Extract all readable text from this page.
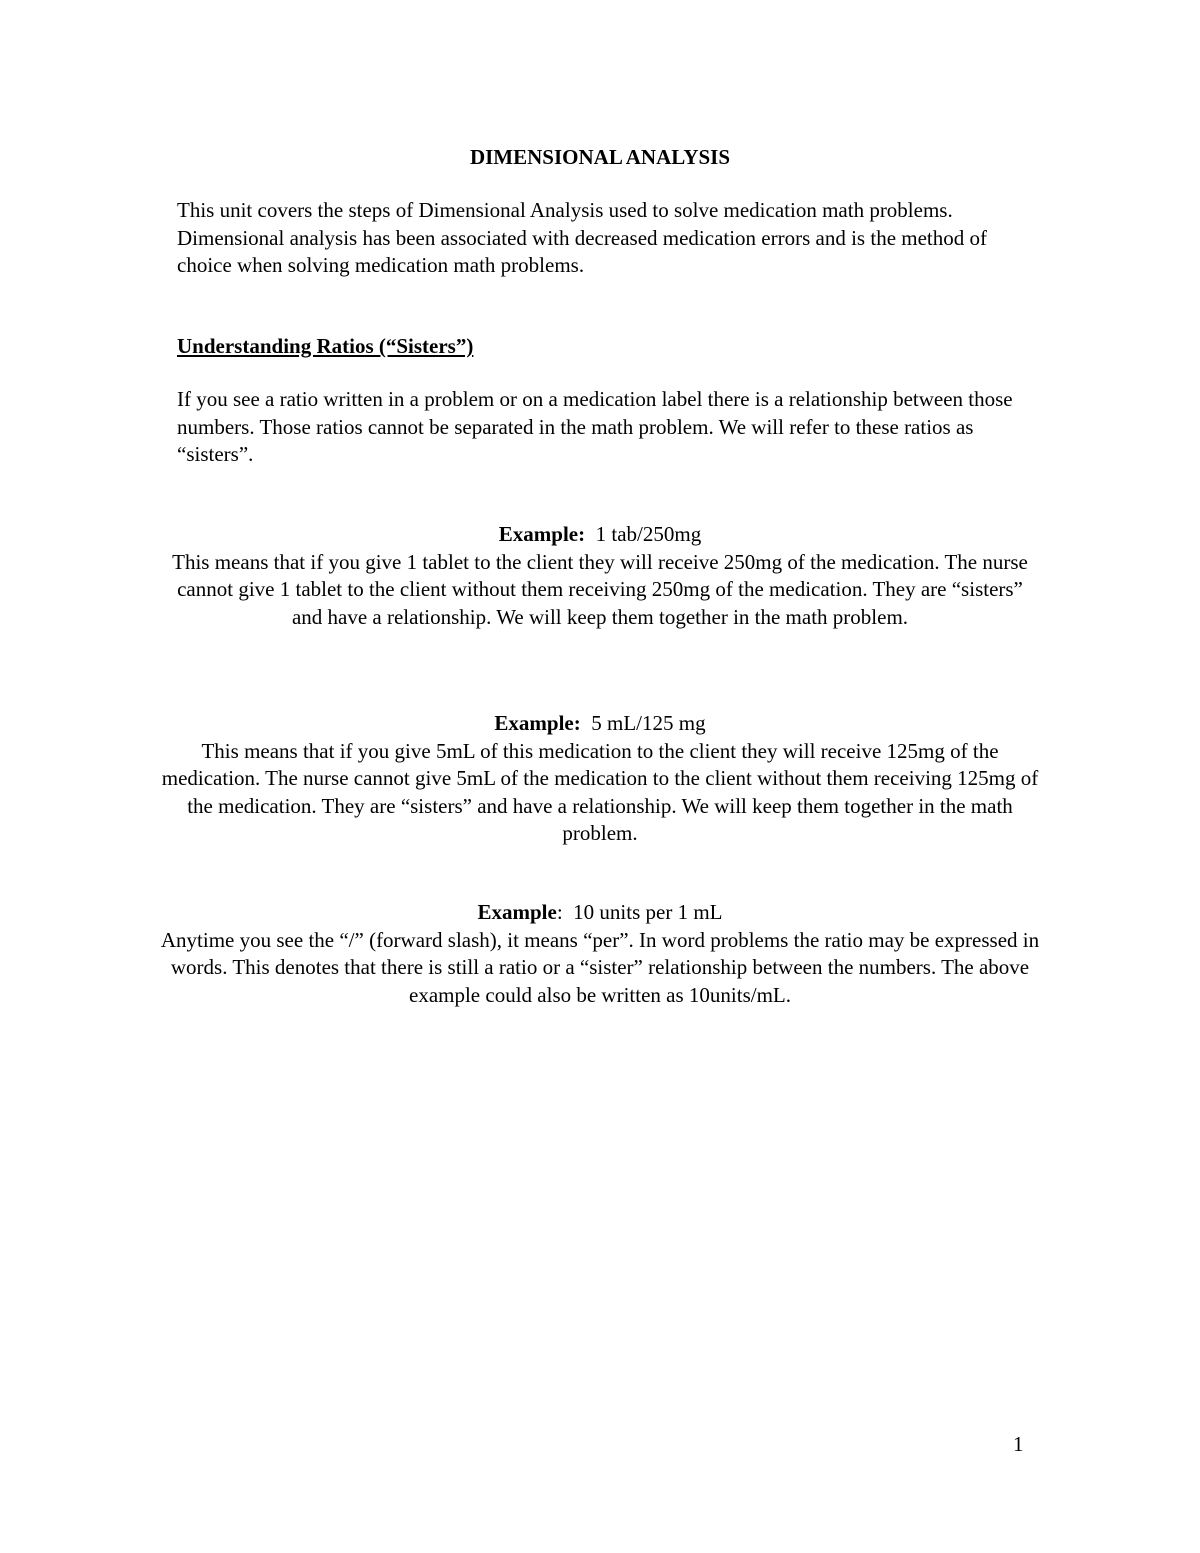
DIMENSIONAL ANALYSIS

This unit covers the steps of Dimensional Analysis used to solve medication math problems. Dimensional analysis has been associated with decreased medication errors and is the method of choice when solving medication math problems.

Understanding Ratios (“Sisters”)

If you see a ratio written in a problem or on a medication label there is a relationship between those numbers. Those ratios cannot be separated in the math problem. We will refer to these ratios as “sisters”.

Example:  1 tab/250mg

This means that if you give 1 tablet to the client they will receive 250mg of the medication. The nurse cannot give 1 tablet to the client without them receiving 250mg of the medication. They are “sisters” and have a relationship. We will keep them together in the math problem.

Example:  5 mL/125 mg

This means that if you give 5mL of this medication to the client they will receive 125mg of the medication. The nurse cannot give 5mL of the medication to the client without them receiving 125mg of the medication. They are “sisters” and have a relationship. We will keep them together in the math problem.

Example:  10 units per 1 mL

Anytime you see the “/” (forward slash), it means “per”. In word problems the ratio may be expressed in words. This denotes that there is still a ratio or a “sister” relationship between the numbers. The above example could also be written as 10units/mL.

1
